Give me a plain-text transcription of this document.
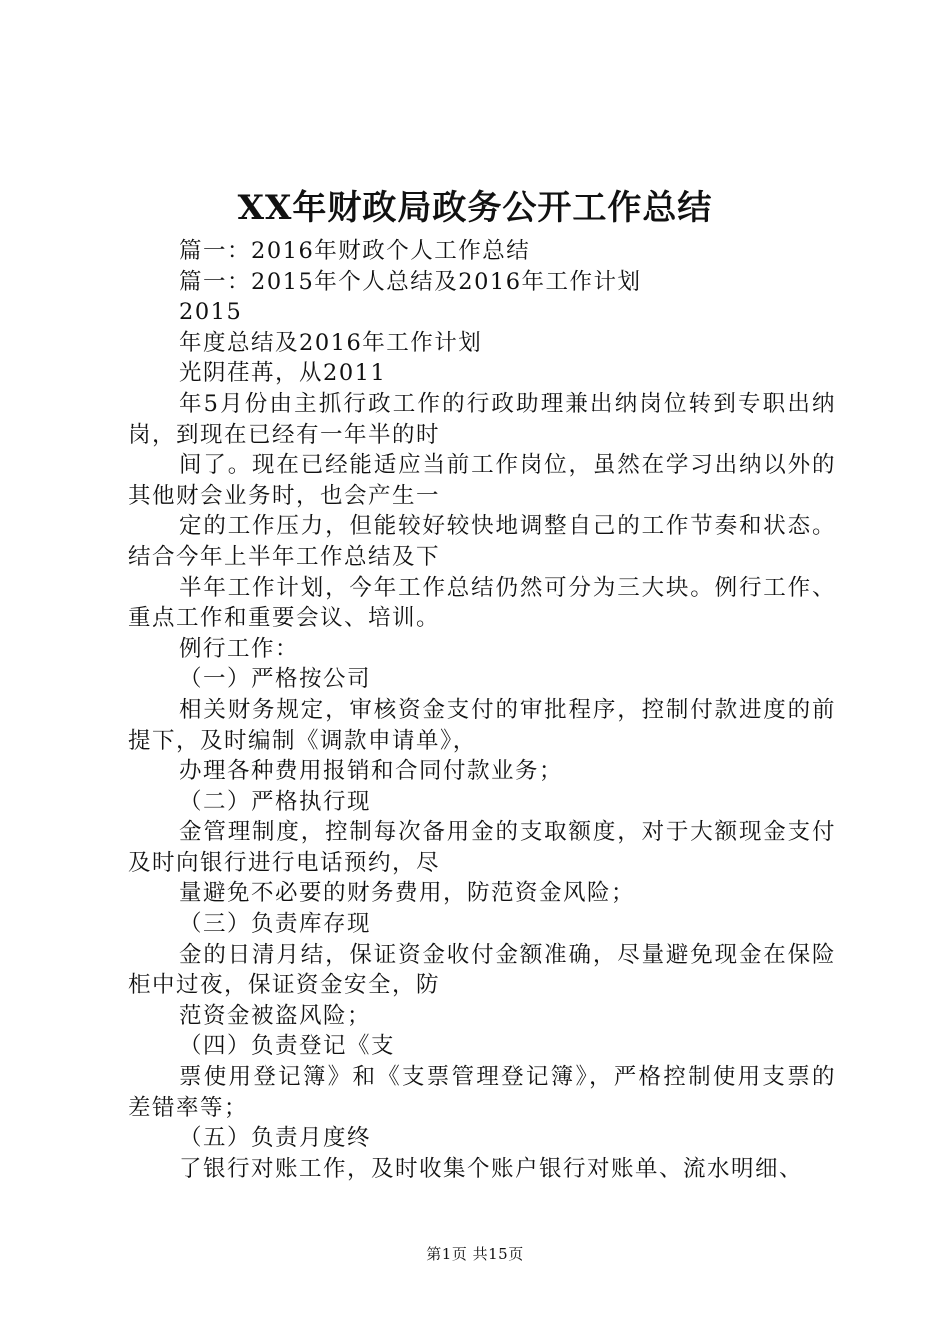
XX年财政局政务公开工作总结

篇一：2016年财政个人工作总结

篇一：2015年个人总结及2016年工作计划

2015

年度总结及2016年工作计划

光阴荏苒，从2011

年5月份由主抓行政工作的行政助理兼出纳岗位转到专职出纳岗，到现在已经有一年半的时

间了。现在已经能适应当前工作岗位，虽然在学习出纳以外的其他财会业务时，也会产生一

定的工作压力，但能较好较快地调整自己的工作节奏和状态。结合今年上半年工作总结及下

半年工作计划，今年工作总结仍然可分为三大块。例行工作、重点工作和重要会议、培训。

例行工作：

（一）严格按公司

相关财务规定，审核资金支付的审批程序，控制付款进度的前提下，及时编制《调款申请单》，

办理各种费用报销和合同付款业务；

（二）严格执行现

金管理制度，控制每次备用金的支取额度，对于大额现金支付及时向银行进行电话预约，尽

量避免不必要的财务费用，防范资金风险；

（三）负责库存现

金的日清月结，保证资金收付金额准确，尽量避免现金在保险柜中过夜，保证资金安全，防

范资金被盗风险；

（四）负责登记《支

票使用登记簿》和《支票管理登记簿》，严格控制使用支票的差错率等；

（五）负责月度终

了银行对账工作，及时收集个账户银行对账单、流水明细、

第1页 共15页
